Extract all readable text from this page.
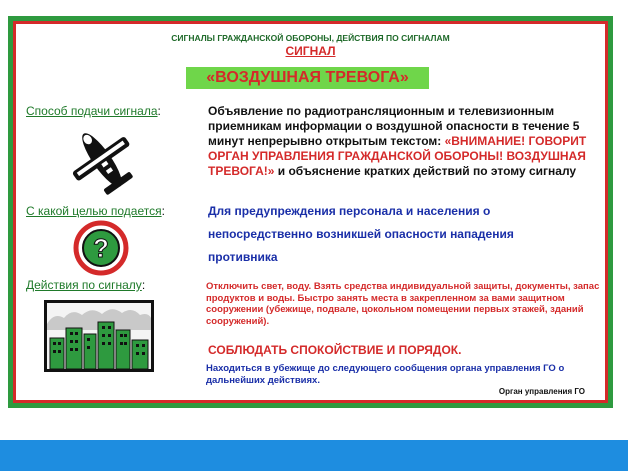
СИГНАЛЫ ГРАЖДАНСКОЙ ОБОРОНЫ, ДЕЙСТВИЯ ПО СИГНАЛАМ
СИГНАЛ
«ВОЗДУШНАЯ ТРЕВОГА»
Способ подачи сигнала:	Объявление по радиотрансляционным и телевизионным приемникам информации о воздушной опасности в течение 5 минут непрерывно открытым текстом: «ВНИМАНИЕ! ГОВОРИТ ОРГАН УПРАВЛЕНИЯ ГРАЖДАНСКОЙ ОБОРОНЫ! ВОЗДУШНАЯ ТРЕВОГА!» и объяснение кратких действий по этому сигналу
С какой целью подается:
?
Для предупреждения персонала и населения о
непосредственно возникшей опасности нападения
противника
Действия по сигналу:	Отключить свет, воду. Взять средства индивидуальной защиты, документы, запас продуктов и воды. Быстро занять места в закрепленном за вами защитном сооружении (убежище, подвале, цокольном помещении первых этажей, зданий сооружений).
СОБЛЮДАТЬ СПОКОЙСТВИЕ И ПОРЯДОК.
Находиться в убежище до следующего сообщения органа управления ГО о дальнейших действиях.
Орган управления ГО
